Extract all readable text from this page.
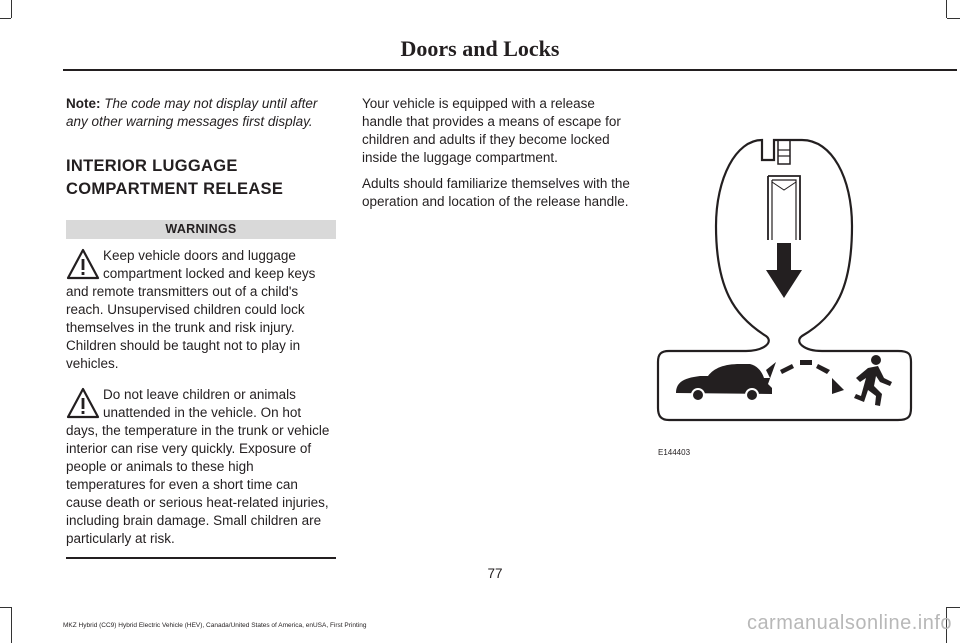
Doors and Locks

Note: The code may not display until after any other warning messages first display.

INTERIOR LUGGAGE
COMPARTMENT RELEASE
WARNINGS
Keep vehicle doors and luggage compartment locked and keep keys and remote transmitters out of a child's reach. Unsupervised children could lock themselves in the trunk and risk injury. Children should be taught not to play in vehicles.
Do not leave children or animals unattended in the vehicle. On hot days, the temperature in the trunk or vehicle interior can rise very quickly. Exposure of people or animals to these high temperatures for even a short time can cause death or serious heat-related injuries, including brain damage. Small children are particularly at risk.

Your vehicle is equipped with a release handle that provides a means of escape for children and adults if they become locked inside the luggage compartment.

Adults should familiarize themselves with the operation and location of the release handle.

E144403
77
MKZ Hybrid (CC9) Hybrid Electric Vehicle (HEV), Canada/United States of America, enUSA, First Printing	carmanualsonline.info
